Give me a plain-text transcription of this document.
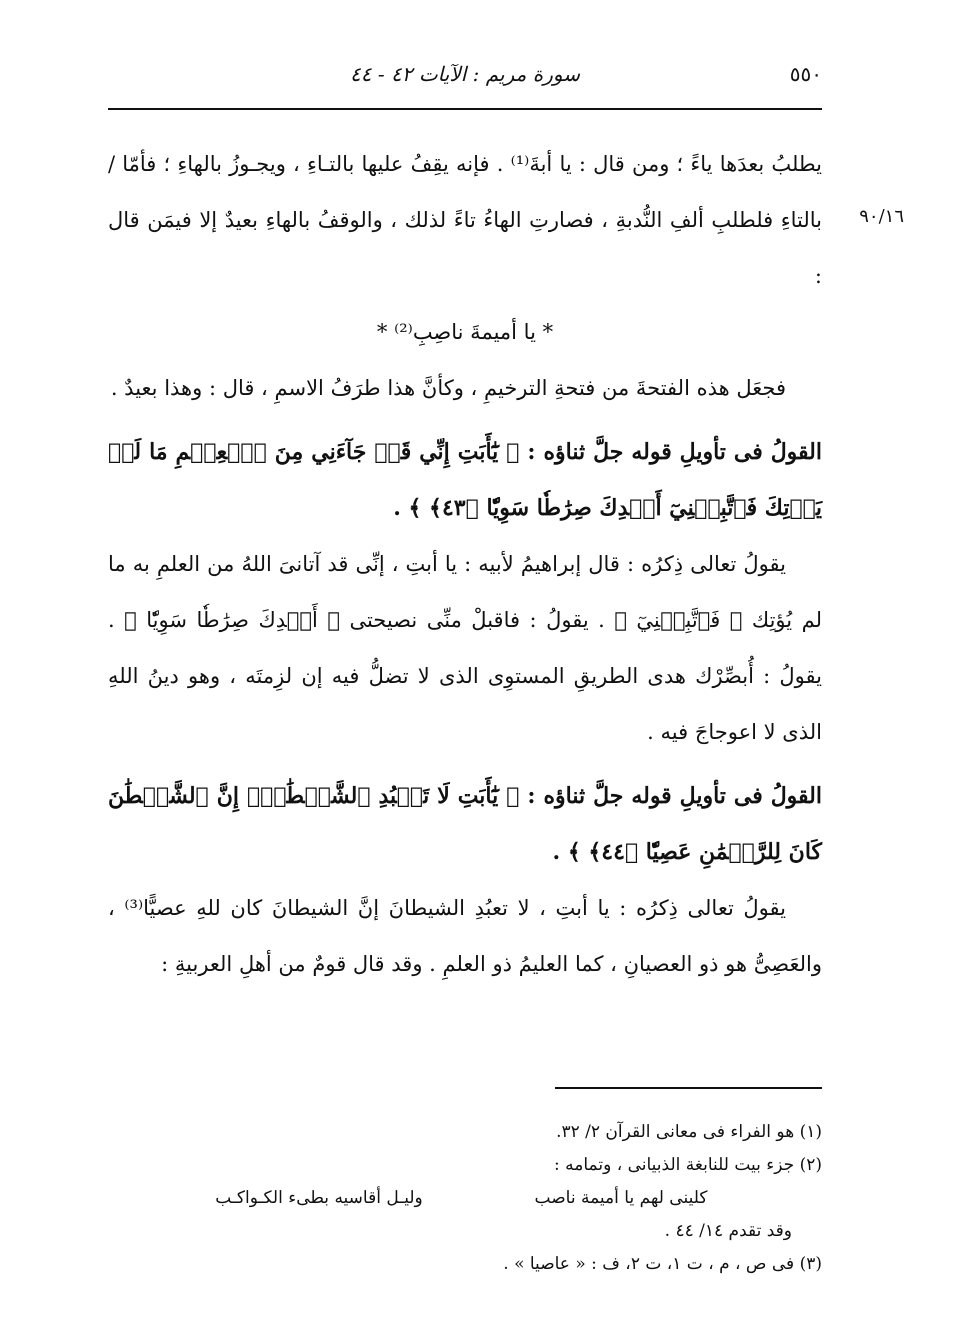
٥٥٠
سورة مريم : الآيات ٤٢ - ٤٤
٩٠/١٦

يطلبُ بعدَها ياءً ؛ ومن قال : يا أبةَ⁽¹⁾ . فإنه يقِفُ عليها بالتـاءِ ، ويجـوزُ بالهاءِ ؛ فأمّا / بالتاءِ فلطلبِ ألفِ النُّدبةِ ، فصارتِ الهاءُ تاءً لذلك ، والوقفُ بالهاءِ بعيدٌ إلا فيمَن قال :

* يا أميمةَ ناصِبِ⁽²⁾ *

فجعَل هذه الفتحةَ من فتحةِ الترخيمِ ، وكأنَّ هذا طرَفُ الاسمِ ، قال : وهذا بعيدٌ .

القولُ فى تأويلِ قوله جلَّ ثناؤه : ﴿ يَٰٓأَبَتِ إِنِّي قَدۡ جَآءَنِي مِنَ ٱلۡعِلۡمِ مَا لَمۡ يَأۡتِكَ فَٱتَّبِعۡنِيٓ أَهۡدِكَ صِرَٰطٗا سَوِيّٗا ﴿٤٣﴾ ﴾ .

يقولُ تعالى ذِكرُه : قال إبراهيمُ لأبيه : يا أبتِ ، إنِّى قد آتانىَ اللهُ من العلمِ به ما لم يُؤتِك ﴿ فَٱتَّبِعۡنِيٓ ﴾ . يقولُ : فاقبلْ منِّى نصيحتى ﴿ أَهۡدِكَ صِرَٰطٗا سَوِيّٗا ﴾ . يقولُ : أُبصِّرْك هدى الطريقِ المستوِى الذى لا تضلُّ فيه إن لزِمتَه ، وهو دينُ اللهِ الذى لا اعوجاجَ فيه .

القولُ فى تأويلِ قوله جلَّ ثناؤه : ﴿ يَٰٓأَبَتِ لَا تَعۡبُدِ ٱلشَّيۡطَٰنَۖ إِنَّ ٱلشَّيۡطَٰنَ كَانَ لِلرَّحۡمَٰنِ عَصِيّٗا ﴿٤٤﴾ ﴾ .

يقولُ تعالى ذِكرُه : يا أبتِ ، لا تعبُدِ الشيطانَ إنَّ الشيطانَ كان للهِ عصيًّا⁽³⁾ ، والعَصِىُّ هو ذو العصيانِ ، كما العليمُ ذو العلمِ . وقد قال قومٌ من أهلِ العربيةِ :

(١) هو الفراء فى معانى القرآن ٢/ ٣٢.

(٢) جزء بيت للنابغة الذبيانى ، وتمامه :

كلينى لهم يا أميمة ناصب
وليـل أقاسيه بطىء الكـواكـب

وقد تقدم ١٤/ ٤٤ .

(٣) فى ص ، م ، ت ١، ت ٢، ف : « عاصيا » .
